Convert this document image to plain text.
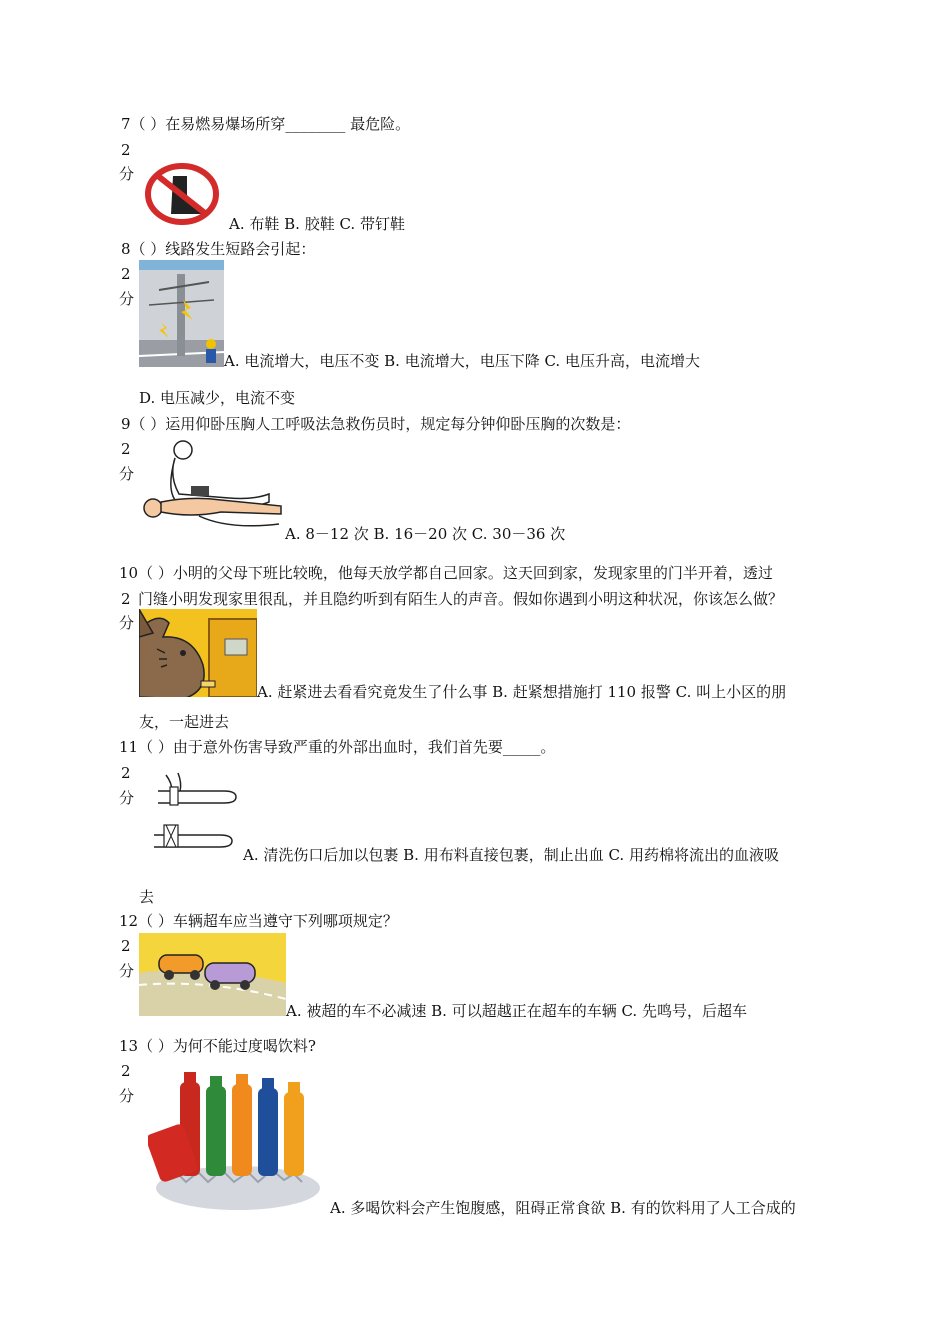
7（ ）在易燃易爆场所穿________ 最危险。
2
分
A. 布鞋 B. 胶鞋 C. 带钉鞋
8（ ）线路发生短路会引起：
2
分
A. 电流增大，电压不变 B. 电流增大，电压下降 C. 电压升高，电流增大
D. 电压减少，电流不变
9（ ）运用仰卧压胸人工呼吸法急救伤员时，规定每分钟仰卧压胸的次数是：
2
分
A. 8－12 次 B. 16－20 次 C. 30－36 次
10（ ）小明的父母下班比较晚，他每天放学都自己回家。这天回到家，发现家里的门半开着，透过
2 门缝小明发现家里很乱，并且隐约听到有陌生人的声音。假如你遇到小明这种状况，你该怎么做？
分
A. 赶紧进去看看究竟发生了什么事 B. 赶紧想措施打 110 报警 C. 叫上小区的朋
友，一起进去
11（ ）由于意外伤害导致严重的外部出血时，我们首先要_____。
2
分
A. 清洗伤口后加以包裹 B. 用布料直接包裹，制止出血 C. 用药棉将流出的血液吸
去
12（ ）车辆超车应当遵守下列哪项规定？
2
分
A. 被超的车不必减速 B. 可以超越正在超车的车辆 C. 先鸣号，后超车
13（ ）为何不能过度喝饮料?
2
分
A. 多喝饮料会产生饱腹感，阻碍正常食欲 B. 有的饮料用了人工合成的
